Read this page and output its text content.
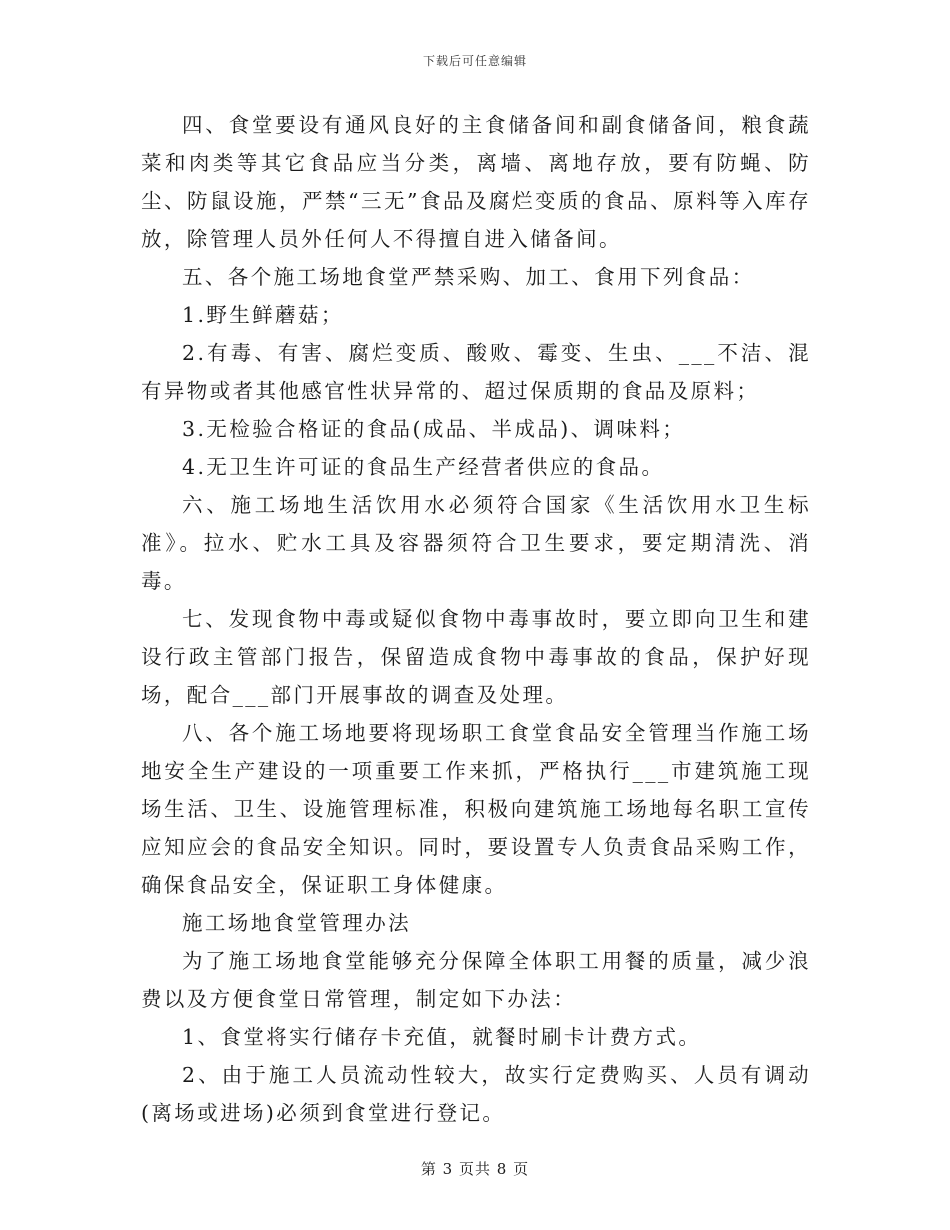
下载后可任意编辑

四、食堂要设有通风良好的主食储备间和副食储备间，粮食蔬菜和肉类等其它食品应当分类，离墙、离地存放，要有防蝇、防尘、防鼠设施，严禁“三无”食品及腐烂变质的食品、原料等入库存放，除管理人员外任何人不得擅自进入储备间。

五、各个施工场地食堂严禁采购、加工、食用下列食品：

1.野生鲜蘑菇；

2.有毒、有害、腐烂变质、酸败、霉变、生虫、___不洁、混有异物或者其他感官性状异常的、超过保质期的食品及原料；

3.无检验合格证的食品(成品、半成品)、调味料；

4.无卫生许可证的食品生产经营者供应的食品。

六、施工场地生活饮用水必须符合国家《生活饮用水卫生标准》。拉水、贮水工具及容器须符合卫生要求，要定期清洗、消毒。

七、发现食物中毒或疑似食物中毒事故时，要立即向卫生和建设行政主管部门报告，保留造成食物中毒事故的食品，保护好现场，配合___部门开展事故的调查及处理。

八、各个施工场地要将现场职工食堂食品安全管理当作施工场地安全生产建设的一项重要工作来抓，严格执行___市建筑施工现场生活、卫生、设施管理标准，积极向建筑施工场地每名职工宣传应知应会的食品安全知识。同时，要设置专人负责食品采购工作，确保食品安全，保证职工身体健康。

施工场地食堂管理办法

为了施工场地食堂能够充分保障全体职工用餐的质量，减少浪费以及方便食堂日常管理，制定如下办法：

1、食堂将实行储存卡充值，就餐时刷卡计费方式。

2、由于施工人员流动性较大，故实行定费购买、人员有调动(离场或进场)必须到食堂进行登记。

第 3 页共 8 页
